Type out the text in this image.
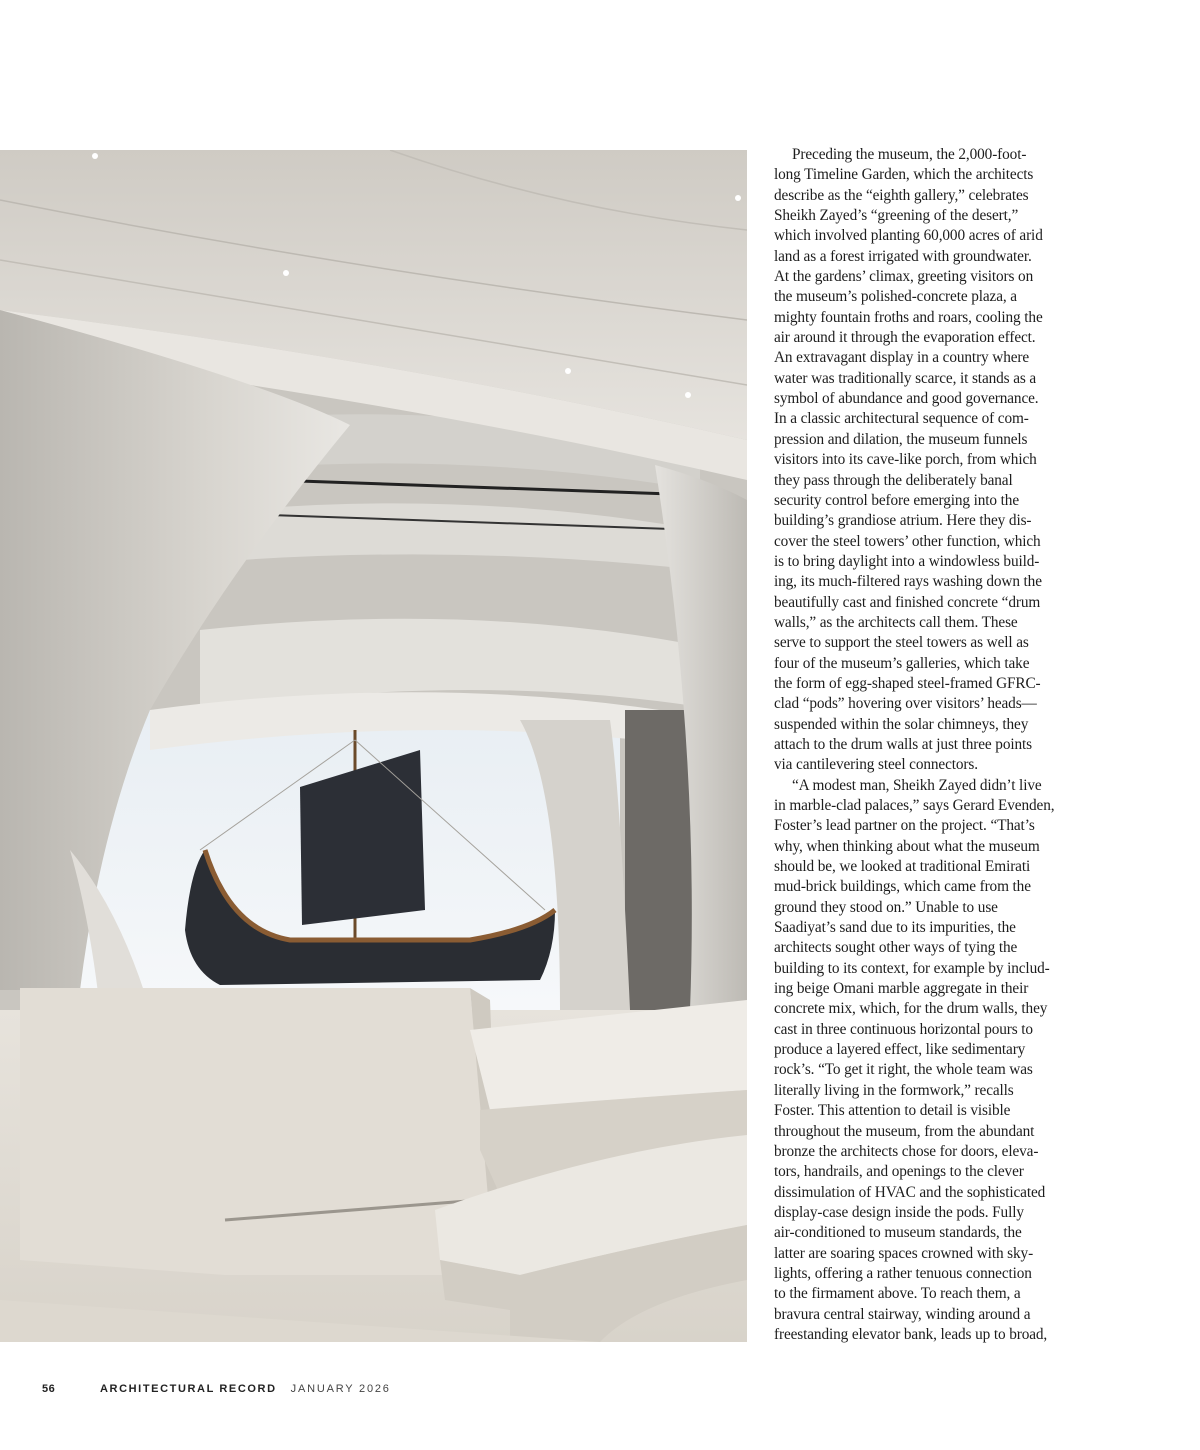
Preceding the museum, the 2,000-foot-
long Timeline Garden, which the architects
describe as the “eighth gallery,” celebrates
Sheikh Zayed’s “greening of the desert,”
which involved planting 60,000 acres of arid
land as a forest irrigated with groundwater.
At the gardens’ climax, greeting visitors on
the museum’s polished-concrete plaza, a
mighty fountain froths and roars, cooling the
air around it through the evaporation effect.
An extravagant display in a country where
water was traditionally scarce, it stands as a
symbol of abundance and good governance.
In a classic architectural sequence of com-
pression and dilation, the museum funnels
visitors into its cave-like porch, from which
they pass through the deliberately banal
security control before emerging into the
building’s grandiose atrium. Here they dis-
cover the steel towers’ other function, which
is to bring daylight into a windowless build-
ing, its much-filtered rays washing down the
beautifully cast and finished concrete “drum
walls,” as the architects call them. These
serve to support the steel towers as well as
four of the museum’s galleries, which take
the form of egg-shaped steel-framed GFRC-
clad “pods” hovering over visitors’ heads—
suspended within the solar chimneys, they
attach to the drum walls at just three points
via cantilevering steel connectors.
“A modest man, Sheikh Zayed didn’t live
in marble-clad palaces,” says Gerard Evenden,
Foster’s lead partner on the project. “That’s
why, when thinking about what the museum
should be, we looked at traditional Emirati
mud-brick buildings, which came from the
ground they stood on.” Unable to use
Saadiyat’s sand due to its impurities, the
architects sought other ways of tying the
building to its context, for example by includ-
ing beige Omani marble aggregate in their
concrete mix, which, for the drum walls, they
cast in three continuous horizontal pours to
produce a layered effect, like sedimentary
rock’s. “To get it right, the whole team was
literally living in the formwork,” recalls
Foster. This attention to detail is visible
throughout the museum, from the abundant
bronze the architects chose for doors, eleva-
tors, handrails, and openings to the clever
dissimulation of HVAC and the sophisticated
display-case design inside the pods. Fully
air-conditioned to museum standards, the
latter are soaring spaces crowned with sky-
lights, offering a rather tenuous connection
to the firmament above. To reach them, a
bravura central stairway, winding around a
freestanding elevator bank, leads up to broad,
56	ARCHITECTURAL RECORD JANUARY 2026
